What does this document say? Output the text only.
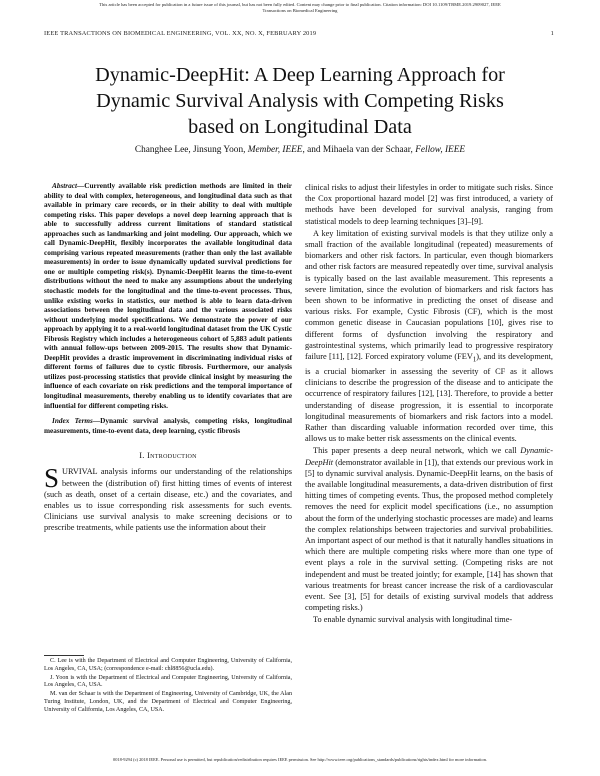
This article has been accepted for publication in a future issue of this journal, but has not been fully edited. Content may change prior to final publication. Citation information: DOI 10.1109/TBME.2019.2909027, IEEE
Transactions on Biomedical Engineering
IEEE TRANSACTIONS ON BIOMEDICAL ENGINEERING, VOL. XX, NO. X, FEBRUARY 2019	1
Dynamic-DeepHit: A Deep Learning Approach for
Dynamic Survival Analysis with Competing Risks
based on Longitudinal Data
Changhee Lee, Jinsung Yoon, Member, IEEE, and Mihaela van der Schaar, Fellow, IEEE

Abstract—Currently available risk prediction methods are limited in their ability to deal with complex, heterogeneous, and longitudinal data such as that available in primary care records, or in their ability to deal with multiple competing risks. This paper develops a novel deep learning approach that is able to successfully address current limitations of standard statistical approaches such as landmarking and joint modeling. Our approach, which we call Dynamic-DeepHit, flexibly incorporates the available longitudinal data comprising various repeated measurements (rather than only the last available measurements) in order to issue dynamically updated survival predictions for one or multiple competing risk(s). Dynamic-DeepHit learns the time-to-event distributions without the need to make any assumptions about the underlying stochastic models for the longitudinal and the time-to-event processes. Thus, unlike existing works in statistics, our method is able to learn data-driven associations between the longitudinal data and the various associated risks without underlying model specifications. We demonstrate the power of our approach by applying it to a real-world longitudinal dataset from the UK Cystic Fibrosis Registry which includes a heterogeneous cohort of 5,883 adult patients with annual follow-ups between 2009-2015. The results show that Dynamic-DeepHit provides a drastic improvement in discriminating individual risks of different forms of failures due to cystic fibrosis. Furthermore, our analysis utilizes post-processing statistics that provide clinical insight by measuring the influence of each covariate on risk predictions and the temporal importance of longitudinal measurements, thereby enabling us to identify covariates that are influential for different competing risks.

Index Terms—Dynamic survival analysis, competing risks, longitudinal measurements, time-to-event data, deep learning, cystic fibrosis

I. Introduction

SURVIVAL analysis informs our understanding of the relationships between the (distribution of) first hitting times of events of interest (such as death, onset of a certain disease, etc.) and the covariates, and enables us to issue corresponding risk assessments for such events. Clinicians use survival analysis to make screening decisions or to prescribe treatments, while patients use the information about their

C. Lee is with the Department of Electrical and Computer Engineering, University of California, Los Angeles, CA, USA; (correspondence e-mail: chl8856@ucla.edu).

J. Yoon is with the Department of Electrical and Computer Engineering, University of California, Los Angeles, CA, USA.

M. van der Schaar is with the Department of Engineering, University of Cambridge, UK, the Alan Turing Institute, London, UK, and the Department of Electrical and Computer Engineering, University of California, Los Angeles, CA, USA.

clinical risks to adjust their lifestyles in order to mitigate such risks. Since the Cox proportional hazard model [2] was first introduced, a variety of methods have been developed for survival analysis, ranging from statistical models to deep learning techniques [3]–[9].

A key limitation of existing survival models is that they utilize only a small fraction of the available longitudinal (repeated) measurements of biomarkers and other risk factors. In particular, even though biomarkers and other risk factors are measured repeatedly over time, survival analysis is typically based on the last available measurement. This represents a severe limitation, since the evolution of biomarkers and risk factors has been shown to be informative in predicting the onset of disease and various risks. For example, Cystic Fibrosis (CF), which is the most common genetic disease in Caucasian populations [10], gives rise to different forms of dysfunction involving the respiratory and gastrointestinal systems, which primarily lead to progressive respiratory failure [11], [12]. Forced expiratory volume $(FEV_1)$, and its development, is a crucial biomarker in assessing the severity of CF as it allows clinicians to describe the progression of the disease and to anticipate the occurrence of respiratory failures [12], [13]. Therefore, to provide a better understanding of disease progression, it is essential to incorporate longitudinal measurements of biomarkers and risk factors into a model. Rather than discarding valuable information recorded over time, this allows us to make better risk assessments on the clinical events.

This paper presents a deep neural network, which we call Dynamic-DeepHit (demonstrator available in [1]), that extends our previous work in [5] to dynamic survival analysis. Dynamic-DeepHit learns, on the basis of the available longitudinal measurements, a data-driven distribution of first hitting times of competing events. Thus, the proposed method completely removes the need for explicit model specifications (i.e., no assumption about the form of the underlying stochastic processes are made) and learns the complex relationships between trajectories and survival probabilities. An important aspect of our method is that it naturally handles situations in which there are multiple competing risks where more than one type of event plays a role in the survival setting. (Competing risks are not independent and must be treated jointly; for example, [14] has shown that various treatments for breast cancer increase the risk of a cardiovascular event. See [3], [5] for details of existing survival models that address competing risks.)

To enable dynamic survival analysis with longitudinal time-

0018-9294 (c) 2018 IEEE. Personal use is permitted, but republication/redistribution requires IEEE permission. See http://www.ieee.org/publications_standards/publications/rights/index.html for more information.
